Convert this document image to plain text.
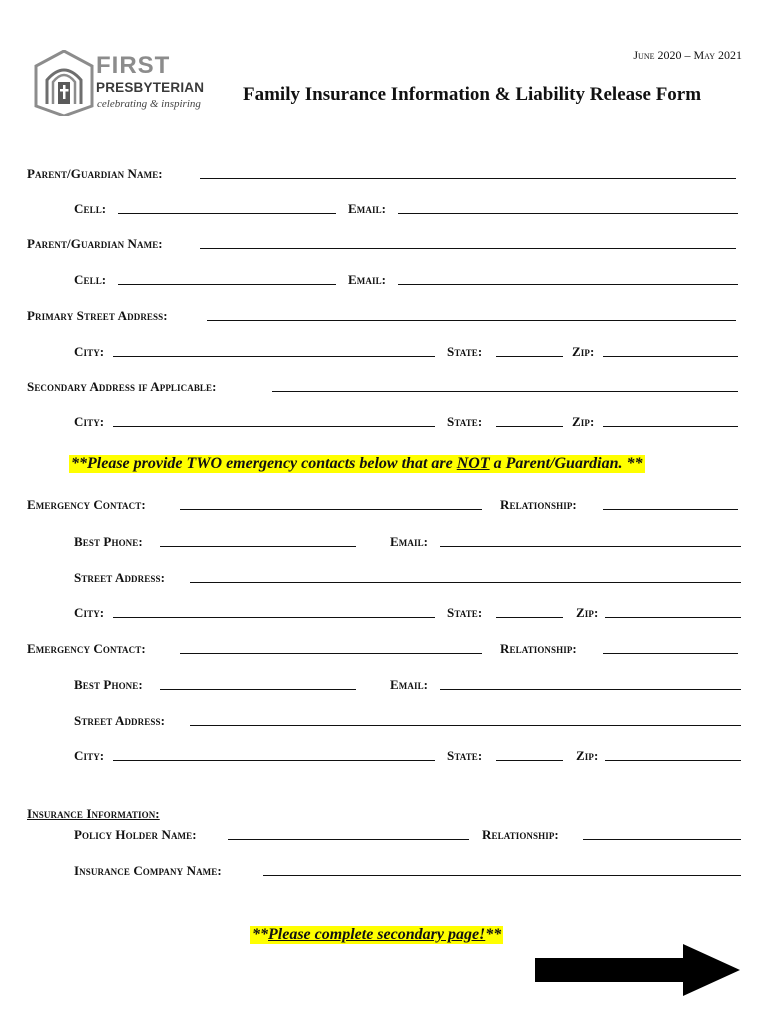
FIRST
PRESBYTERIAN
celebrating & inspiring
June 2020 – May 2021
Family Insurance Information & Liability Release Form
Parent/Guardian Name:
Cell:	Email:
Parent/Guardian Name:
Cell:	Email:
Primary Street Address:
City:	State:	Zip:
Secondary Address if Applicable:
City:	State:	Zip:
**Please provide TWO emergency contacts below that are NOT a Parent/Guardian. **
Emergency Contact:	Relationship:
Best Phone:	Email:
Street Address:
City:	State:	Zip:
Emergency Contact:	Relationship:
Best Phone:	Email:
Street Address:
City:	State:	Zip:
Insurance Information:
Policy Holder Name:	Relationship:
Insurance Company Name:
**Please complete secondary page!**
